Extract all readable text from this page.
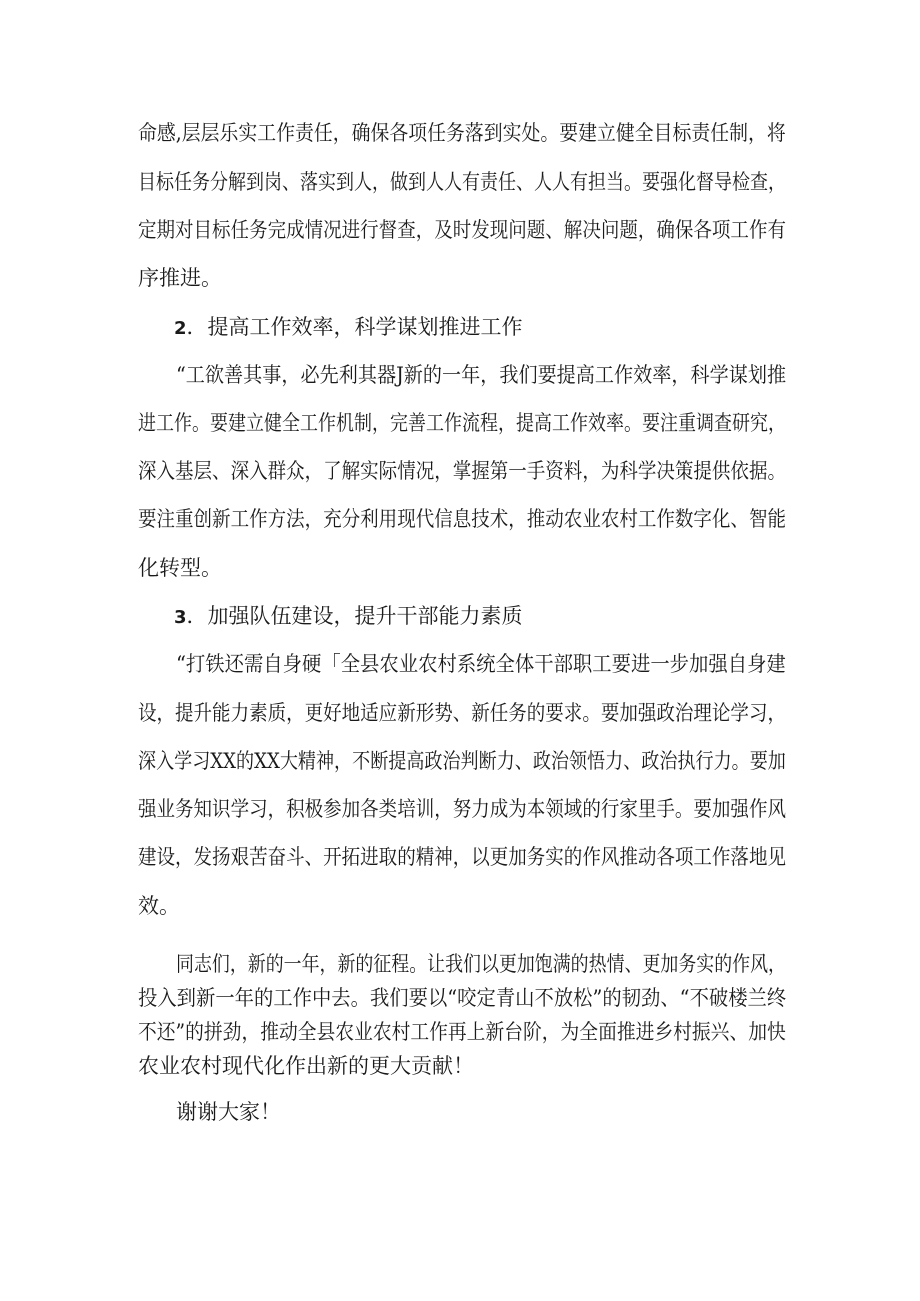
命感,层层乐实工作责任，确保各项任务落到实处。要建立健全目标责任制，将
目标任务分解到岗、落实到人，做到人人有责任、人人有担当。要强化督导检查，
定期对目标任务完成情况进行督查，及时发现问题、解决问题，确保各项工作有
序推进。
2．提高工作效率，科学谋划推进工作
“工欲善其事，必先利其器J新的一年，我们要提高工作效率，科学谋划推
进工作。要建立健全工作机制，完善工作流程，提高工作效率。要注重调查研究，
深入基层、深入群众，了解实际情况，掌握第一手资料，为科学决策提供依据。
要注重创新工作方法，充分利用现代信息技术，推动农业农村工作数字化、智能
化转型。
3．加强队伍建设，提升干部能力素质
“打铁还需自身硬「全县农业农村系统全体干部职工要进一步加强自身建
设，提升能力素质，更好地适应新形势、新任务的要求。要加强政治理论学习，
深入学习XX的XX大精神，不断提高政治判断力、政治领悟力、政治执行力。要加
强业务知识学习，积极参加各类培训，努力成为本领域的行家里手。要加强作风
建设，发扬艰苦奋斗、开拓进取的精神，以更加务实的作风推动各项工作落地见
效。
同志们，新的一年，新的征程。让我们以更加饱满的热情、更加务实的作风，
投入到新一年的工作中去。我们要以“咬定青山不放松”的韧劲、“不破楼兰终
不还”的拼劲，推动全县农业农村工作再上新台阶，为全面推进乡村振兴、加快
农业农村现代化作出新的更大贡献！
谢谢大家！
